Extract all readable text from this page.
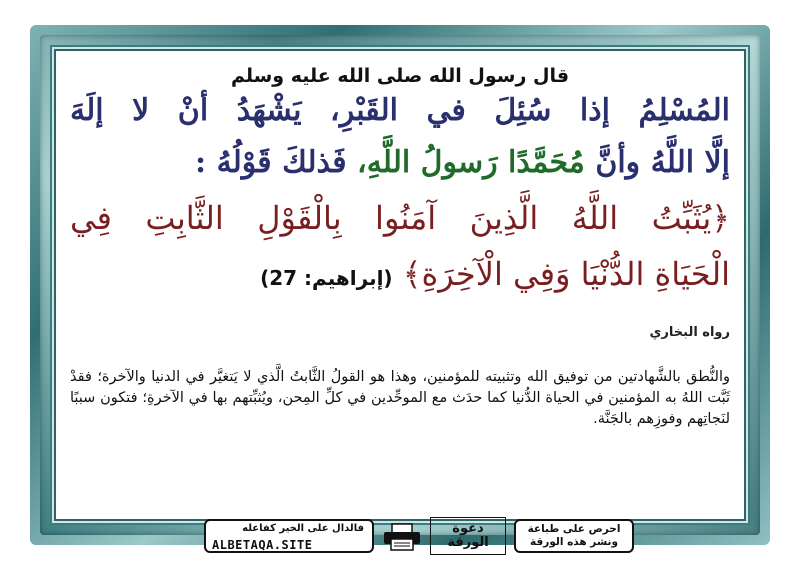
قال رسول الله صلى الله عليه وسلم
المُسْلِمُ إذا سُئِلَ في القَبْرِ، يَشْهَدُ أنْ لا إلَهَ
إلَّا اللَّهُ وأنَّ مُحَمَّدًا رَسولُ اللَّهِ، فَذلكَ قَوْلُهُ :
﴿يُثَبِّتُ اللَّهُ الَّذِينَ آمَنُوا بِالْقَوْلِ الثَّابِتِ فِي
الْحَيَاةِ الدُّنْيَا وَفِي الْآخِرَةِ﴾ (إبراهيم: 27)
رواه البخاري
والنُّطق بالشَّهادتين من توفيق الله وتثبيته للمؤمنين، وهذا هو القولُ الثَّابتُ الَّذي لا يَتغيَّر في الدنيا والآخرة؛ فقدْ ثَبَّت اللهُ به المؤمنين في الحياة الدُّنيا كما حدَث مع الموحِّدين في كلِّ المِحن، ويُثبِّتهم بها في الآخرةِ؛ فتكون سببًا لنَجاتِهم وفوزِهم بالجَنَّة.
فالدال على الخير كفاعله
ALBETAQA.SITE
دعوة الورقة
احرص على طباعة
ونشر هذه الورقة
